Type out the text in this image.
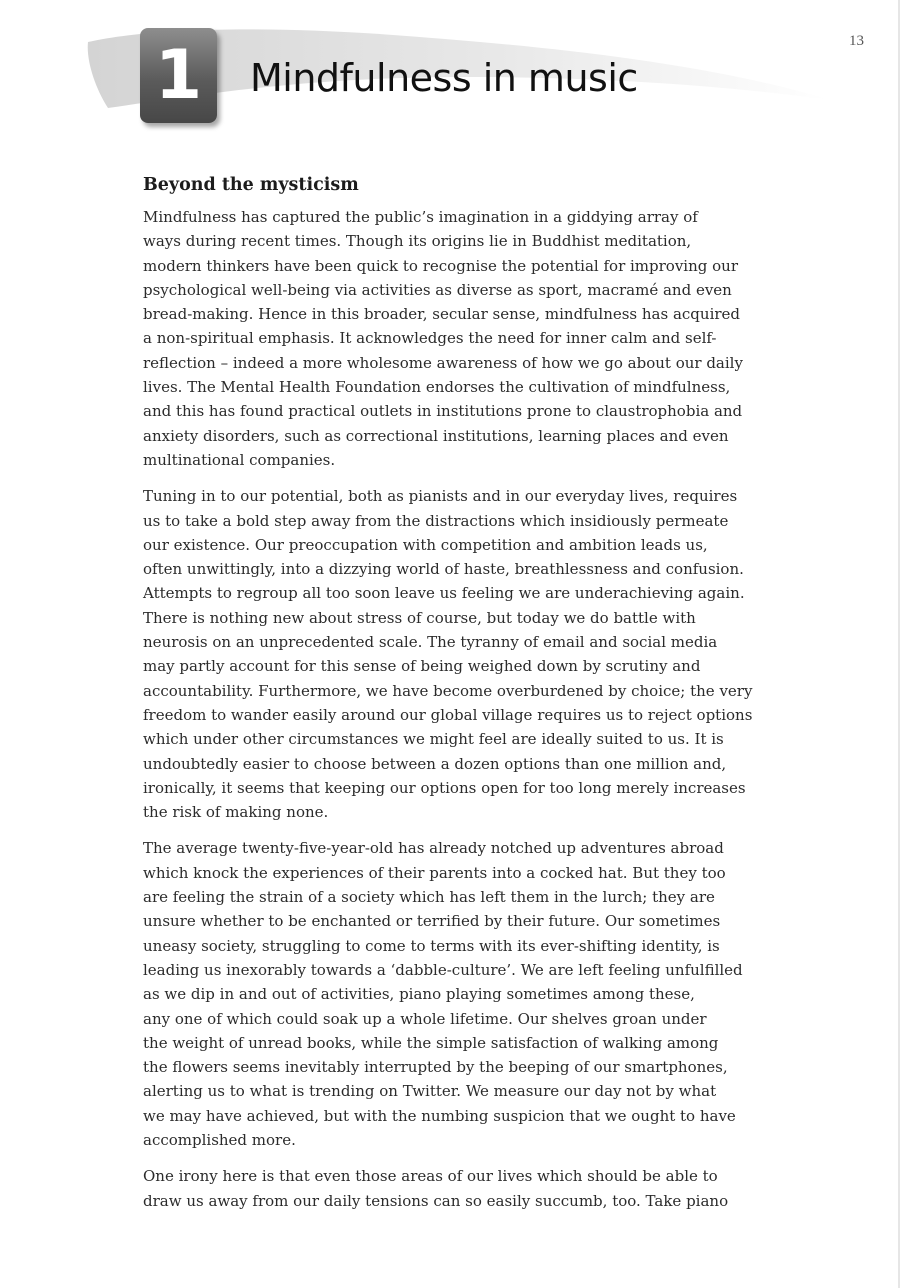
13
1	Mindfulness in music
Beyond the mysticism

Mindfulness has captured the public’s imagination in a giddying array of
ways during recent times. Though its origins lie in Buddhist meditation,
modern thinkers have been quick to recognise the potential for improving our
psychological well-being via activities as diverse as sport, macramé and even
bread-making. Hence in this broader, secular sense, mindfulness has acquired
a non-spiritual emphasis. It acknowledges the need for inner calm and self-
reflection – indeed a more wholesome awareness of how we go about our daily
lives. The Mental Health Foundation endorses the cultivation of mindfulness,
and this has found practical outlets in institutions prone to claustrophobia and
anxiety disorders, such as correctional institutions, learning places and even
multinational companies.

Tuning in to our potential, both as pianists and in our everyday lives, requires
us to take a bold step away from the distractions which insidiously permeate
our existence. Our preoccupation with competition and ambition leads us,
often unwittingly, into a dizzying world of haste, breathlessness and confusion.
Attempts to regroup all too soon leave us feeling we are underachieving again.
There is nothing new about stress of course, but today we do battle with
neurosis on an unprecedented scale. The tyranny of email and social media
may partly account for this sense of being weighed down by scrutiny and
accountability. Furthermore, we have become overburdened by choice; the very
freedom to wander easily around our global village requires us to reject options
which under other circumstances we might feel are ideally suited to us. It is
undoubtedly easier to choose between a dozen options than one million and,
ironically, it seems that keeping our options open for too long merely increases
the risk of making none.

The average twenty-five-year-old has already notched up adventures abroad
which knock the experiences of their parents into a cocked hat. But they too
are feeling the strain of a society which has left them in the lurch; they are
unsure whether to be enchanted or terrified by their future. Our sometimes
uneasy society, struggling to come to terms with its ever-shifting identity, is
leading us inexorably towards a ‘dabble-culture’. We are left feeling unfulfilled
as we dip in and out of activities, piano playing sometimes among these,
any one of which could soak up a whole lifetime. Our shelves groan under
the weight of unread books, while the simple satisfaction of walking among
the flowers seems inevitably interrupted by the beeping of our smartphones,
alerting us to what is trending on Twitter. We measure our day not by what
we may have achieved, but with the numbing suspicion that we ought to have
accomplished more.

One irony here is that even those areas of our lives which should be able to
draw us away from our daily tensions can so easily succumb, too. Take piano
